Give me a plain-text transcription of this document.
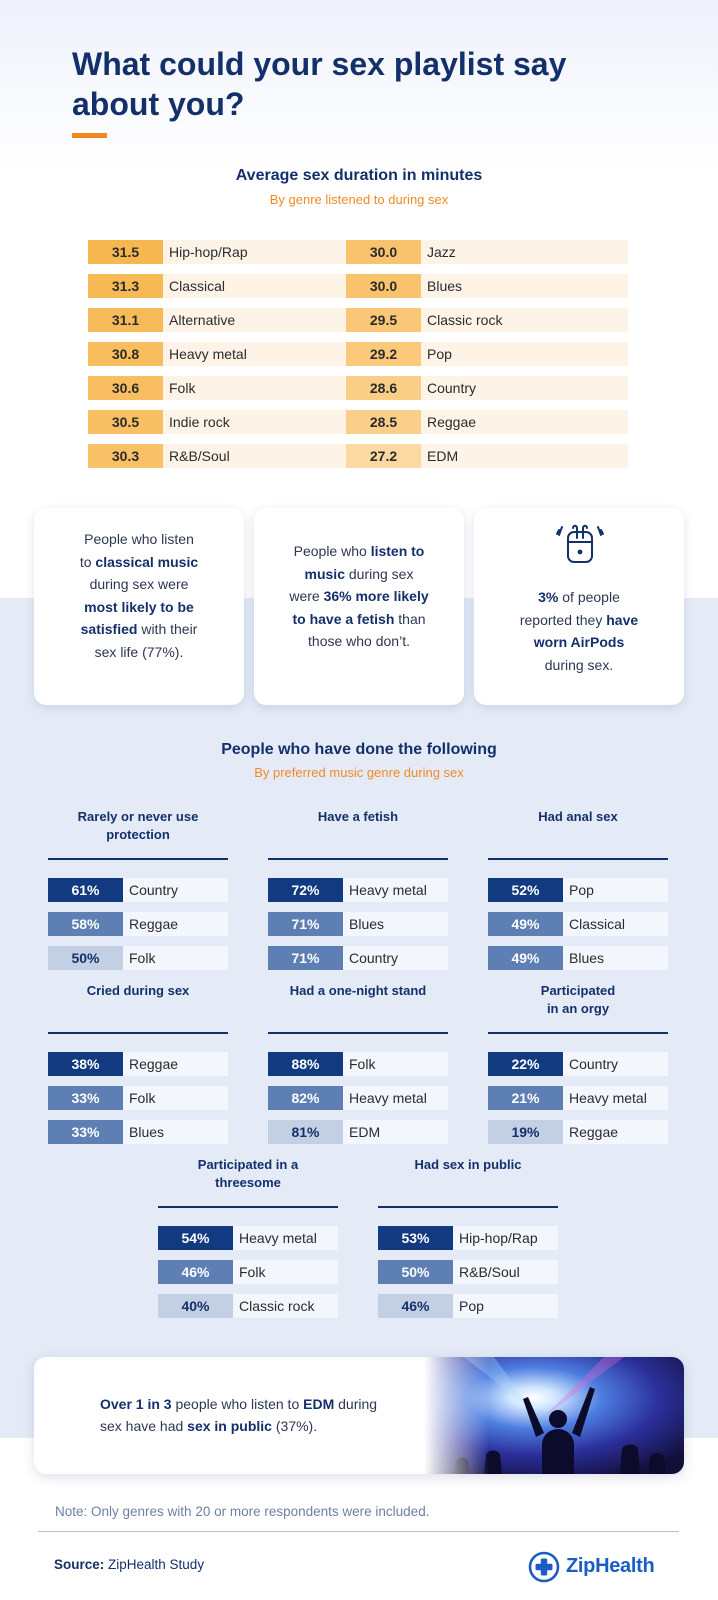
What could your sex playlist say about you?
Average sex duration in minutes
By genre listened to during sex
31.5	Hip-hop/Rap
31.3	Classical
31.1	Alternative
30.8	Heavy metal
30.6	Folk
30.5	Indie rock
30.3	R&B/Soul
30.0	Jazz
30.0	Blues
29.5	Classic rock
29.2	Pop
28.6	Country
28.5	Reggae
27.2	EDM
People who listen
to classical music
during sex were
most likely to be
satisfied with their
sex life (77%).
People who listen to
music during sex
were 36% more likely
to have a fetish than
those who don’t.
3% of people
reported they have
worn AirPods
during sex.
People who have done the following
By preferred music genre during sex
Rarely or never use
protection
61%	Country
58%	Reggae
50%	Folk
Have a fetish
72%	Heavy metal
71%	Blues
71%	Country
Had anal sex
52%	Pop
49%	Classical
49%	Blues
Cried during sex
38%	Reggae
33%	Folk
33%	Blues
Had a one-night stand
88%	Folk
82%	Heavy metal
81%	EDM
Participated
in an orgy
22%	Country
21%	Heavy metal
19%	Reggae
Participated in a
threesome
54%	Heavy metal
46%	Folk
40%	Classic rock
Had sex in public
53%	Hip-hop/Rap
50%	R&B/Soul
46%	Pop
Over 1 in 3 people who listen to EDM during
sex have had sex in public (37%).
Note: Only genres with 20 or more respondents were included.
Source: ZipHealth Study	ZipHealth
